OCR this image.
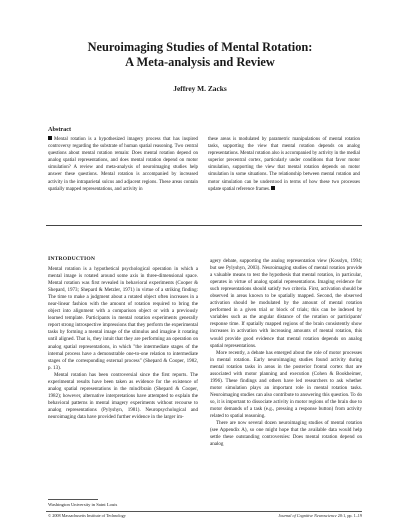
Neuroimaging Studies of Mental Rotation:
A Meta-analysis and Review
Jeffrey M. Zacks
Abstract

Mental rotation is a hypothesized imagery process that has inspired controversy regarding the substrate of human spatial reasoning. Two central questions about mental rotation remain: Does mental rotation depend on analog spatial representations, and does mental rotation depend on motor simulation? A review and meta-analysis of neuroimaging studies help answer these questions. Mental rotation is accompanied by increased activity in the intraparietal sulcus and adjacent regions. These areas contain spatially mapped representations, and activity in

these areas is modulated by parametric manipulations of mental rotation tasks, supporting the view that mental rotation depends on analog representations. Mental rotation also is accompanied by activity in the medial superior precentral cortex, particularly under conditions that favor motor simulation, supporting the view that mental rotation depends on motor simulation in some situations. The relationship between mental rotation and motor simulation can be understood in terms of how these two processes update spatial reference frames.

INTRODUCTION

Mental rotation is a hypothetical psychological operation in which a mental image is rotated around some axis in three-dimensional space. Mental rotation was first revealed in behavioral experiments (Cooper & Shepard, 1973; Shepard & Metzler, 1971) in virtue of a striking finding: The time to make a judgment about a rotated object often increases in a near-linear fashion with the amount of rotation required to bring the object into alignment with a comparison object or with a previously learned template. Participants in mental rotation experiments generally report strong introspective impressions that they perform the experimental tasks by forming a mental image of the stimulus and imagine it rotating until aligned. That is, they intuit that they are performing an operation on analog spatial representations, in which "the intermediate stages of the internal process have a demonstrable one-to-one relation to intermediate stages of the corresponding external process" (Shepard & Cooper, 1982, p. 13).

Mental rotation has been controversial since the first reports. The experimental results have been taken as evidence for the existence of analog spatial representations in the mind/brain (Shepard & Cooper, 1982); however, alternative interpretations have attempted to explain the behavioral patterns in mental imagery experiments without recourse to analog representations (Pylyshyn, 1981). Neuropsychological and neuroimaging data have provided further evidence in the larger im-

agery debate, supporting the analog representation view (Kosslyn, 1994; but see Pylyshyn, 2003). Neuroimaging studies of mental rotation provide a valuable means to test the hypothesis that mental rotation, in particular, operates in virtue of analog spatial representations. Imaging evidence for such representations should satisfy two criteria. First, activation should be observed in areas known to be spatially mapped. Second, the observed activation should be modulated by the amount of mental rotation performed in a given trial or block of trials; this can be indexed by variables such as the angular distance of the rotation or participants' response time. If spatially mapped regions of the brain consistently show increases in activation with increasing amounts of mental rotation, this would provide good evidence that mental rotation depends on analog spatial representations.

More recently, a debate has emerged about the role of motor processes in mental rotation. Early neuroimaging studies found activity during mental rotation tasks in areas in the posterior frontal cortex that are associated with motor planning and execution (Cohen & Bookheimer, 1996). These findings and others have led researchers to ask whether motor simulation plays an important role in mental rotation tasks. Neuroimaging studies can also contribute to answering this question. To do so, it is important to dissociate activity in motor regions of the brain due to motor demands of a task (e.g., pressing a response button) from activity related to spatial reasoning.

There are now several dozen neuroimaging studies of mental rotation (see Appendix A), so one might hope that the available data would help settle these outstanding controversies: Does mental rotation depend on analog

Washington University in Saint Louis
© 2008 Massachusetts Institute of Technology	Journal of Cognitive Neuroscience 20:1, pp. 1–19
